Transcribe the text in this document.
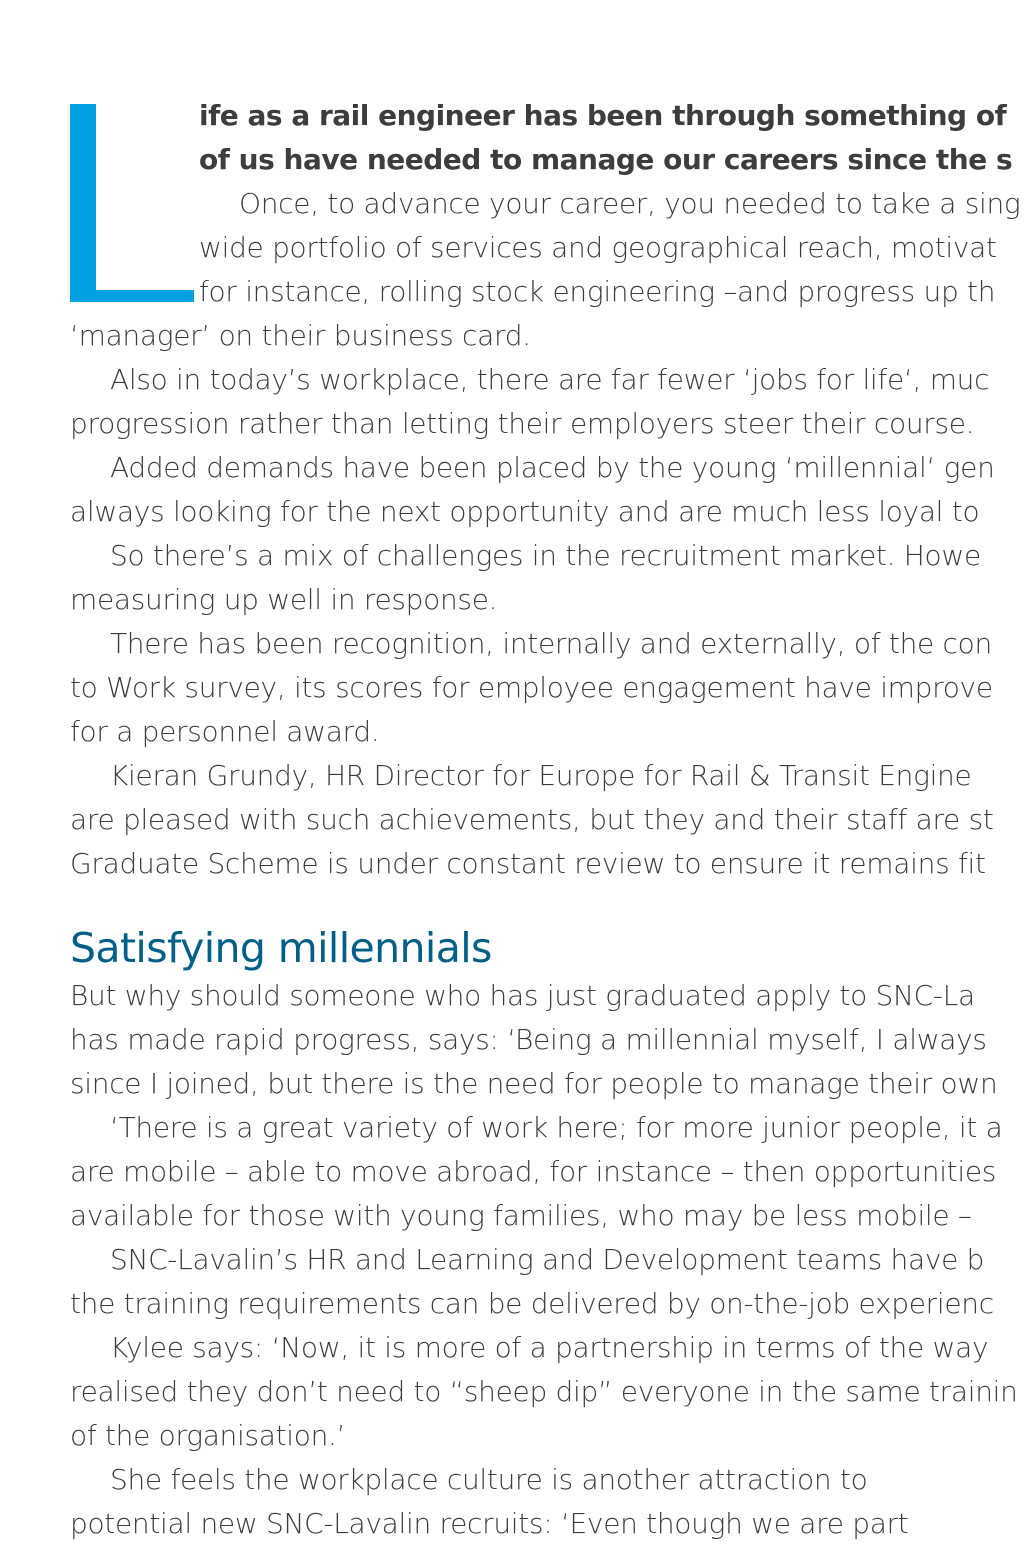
ife as a rail engineer has been through something of
of us have needed to manage our careers since the s
Once, to advance your career, you needed to take a sing
wide portfolio of services and geographical reach, motivat
for instance, rolling stock engineering –and progress up th
‘manager’ on their business card.
Also in today’s workplace, there are far fewer ‘jobs for life‘, muc
progression rather than letting their employers steer their course.
Added demands have been placed by the young ‘millennial‘ gen
always looking for the next opportunity and are much less loyal to
So there’s a mix of challenges in the recruitment market. Howe
measuring up well in response.
There has been recognition, internally and externally, of the con
to Work survey, its scores for employee engagement have improve
for a personnel award.
Kieran Grundy, HR Director for Europe for Rail & Transit Engine
are pleased with such achievements, but they and their staff are st
Graduate Scheme is under constant review to ensure it remains fit
Satisfying millennials
But why should someone who has just graduated apply to SNC-La
has made rapid progress, says: ‘Being a millennial myself, I always
since I joined, but there is the need for people to manage their own
‘There is a great variety of work here; for more junior people, it a
are mobile – able to move abroad, for instance – then opportunities
available for those with young families, who may be less mobile –
SNC-Lavalin’s HR and Learning and Development teams have b
the training requirements can be delivered by on-the-job experienc
Kylee says: ‘Now, it is more of a partnership in terms of the way
realised they don’t need to “sheep dip” everyone in the same trainin
of the organisation.’
She feels the workplace culture is another attraction to
potential new SNC-Lavalin recruits: ‘Even though we are part
